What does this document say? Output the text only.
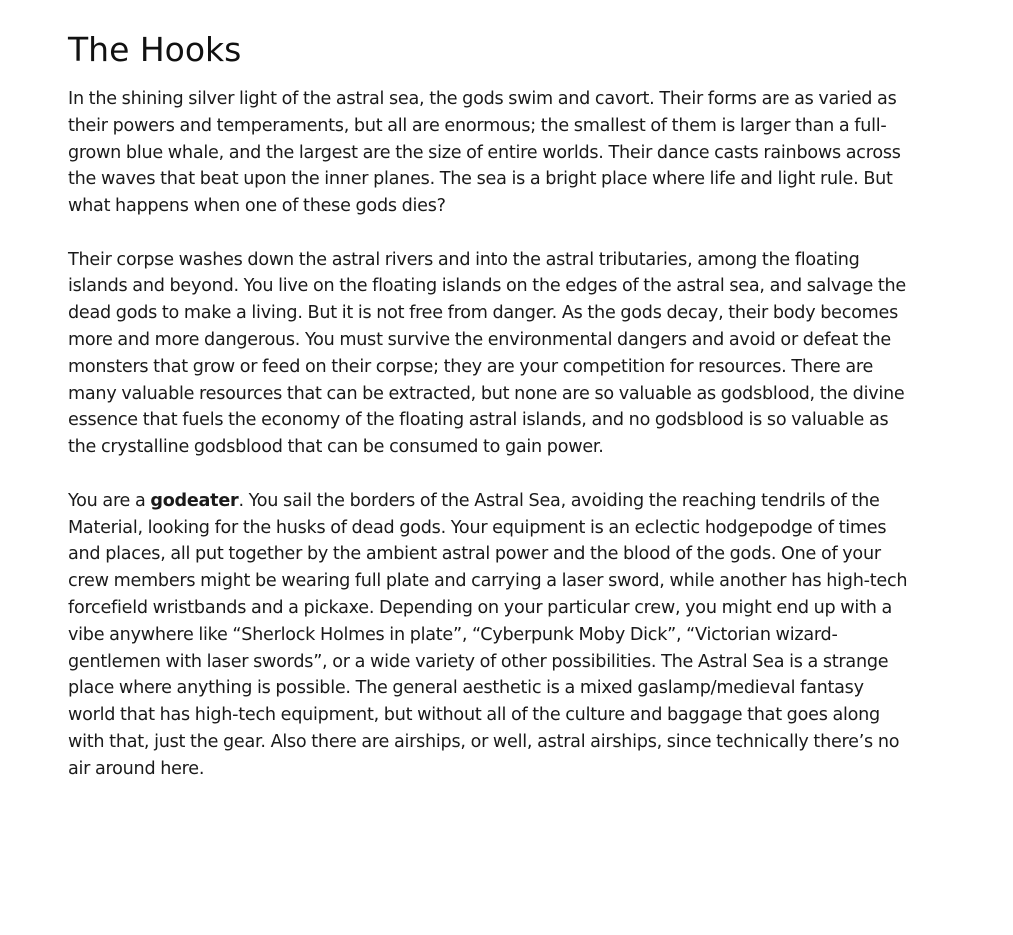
The Hooks

In the shining silver light of the astral sea, the gods swim and cavort. Their forms are as varied as their powers and temperaments, but all are enormous; the smallest of them is larger than a full-grown blue whale, and the largest are the size of entire worlds. Their dance casts rainbows across the waves that beat upon the inner planes. The sea is a bright place where life and light rule. But what happens when one of these gods dies?

Their corpse washes down the astral rivers and into the astral tributaries, among the floating islands and beyond. You live on the floating islands on the edges of the astral sea, and salvage the dead gods to make a living. But it is not free from danger. As the gods decay, their body becomes more and more dangerous. You must survive the environmental dangers and avoid or defeat the monsters that grow or feed on their corpse; they are your competition for resources. There are many valuable resources that can be extracted, but none are so valuable as godsblood, the divine essence that fuels the economy of the floating astral islands, and no godsblood is so valuable as the crystalline godsblood that can be consumed to gain power.

You are a godeater. You sail the borders of the Astral Sea, avoiding the reaching tendrils of the Material, looking for the husks of dead gods. Your equipment is an eclectic hodgepodge of times and places, all put together by the ambient astral power and the blood of the gods. One of your crew members might be wearing full plate and carrying a laser sword, while another has high-tech forcefield wristbands and a pickaxe. Depending on your particular crew, you might end up with a vibe anywhere like “Sherlock Holmes in plate”, “Cyberpunk Moby Dick”, “Victorian wizard-gentlemen with laser swords”, or a wide variety of other possibilities. The Astral Sea is a strange place where anything is possible. The general aesthetic is a mixed gaslamp/medieval fantasy world that has high-tech equipment, but without all of the culture and baggage that goes along with that, just the gear. Also there are airships, or well, astral airships, since technically there’s no air around here.
